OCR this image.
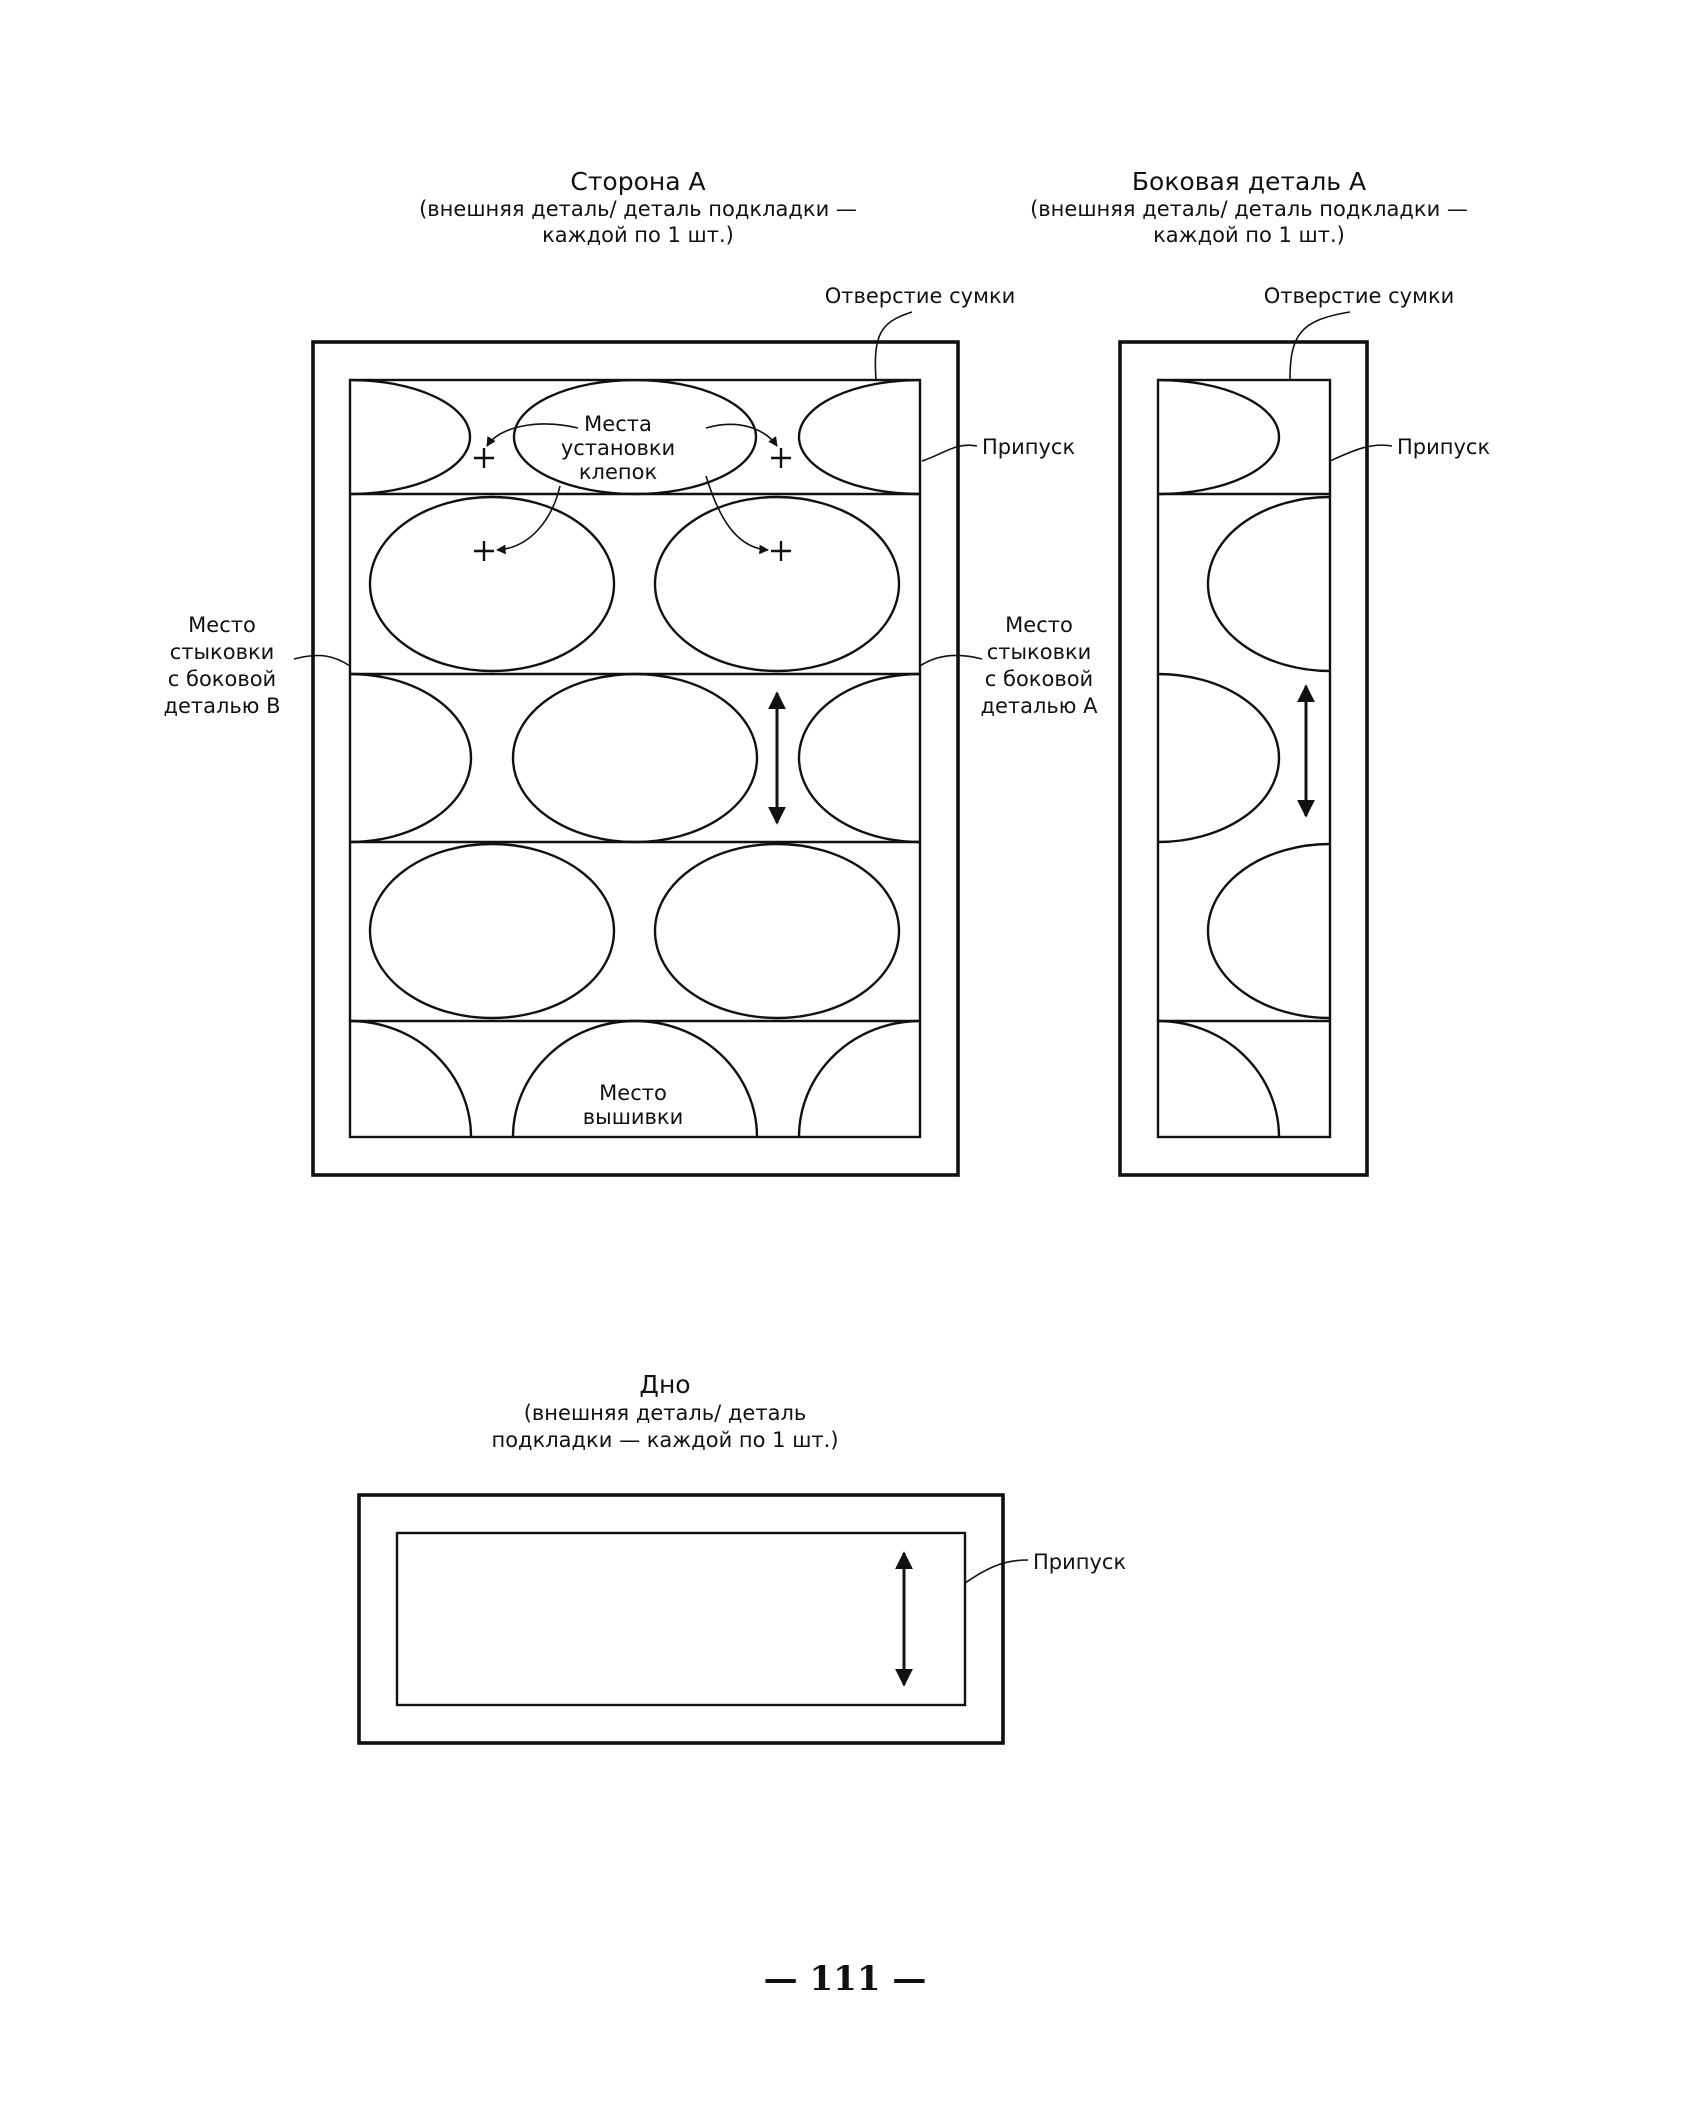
Сторона А
(внешняя деталь/ деталь подкладки —
каждой по 1 шт.)
Места
установки
клепок
Место
вышивки
Отверстие сумки
Припуск
Место
стыковки
с боковой
деталью В
Место
стыковки
с боковой
деталью А
Боковая деталь А
(внешняя деталь/ деталь подкладки —
каждой по 1 шт.)
Отверстие сумки
Припуск
Дно
(внешняя деталь/ деталь
подкладки — каждой по 1 шт.)
Припуск
— 111 —
